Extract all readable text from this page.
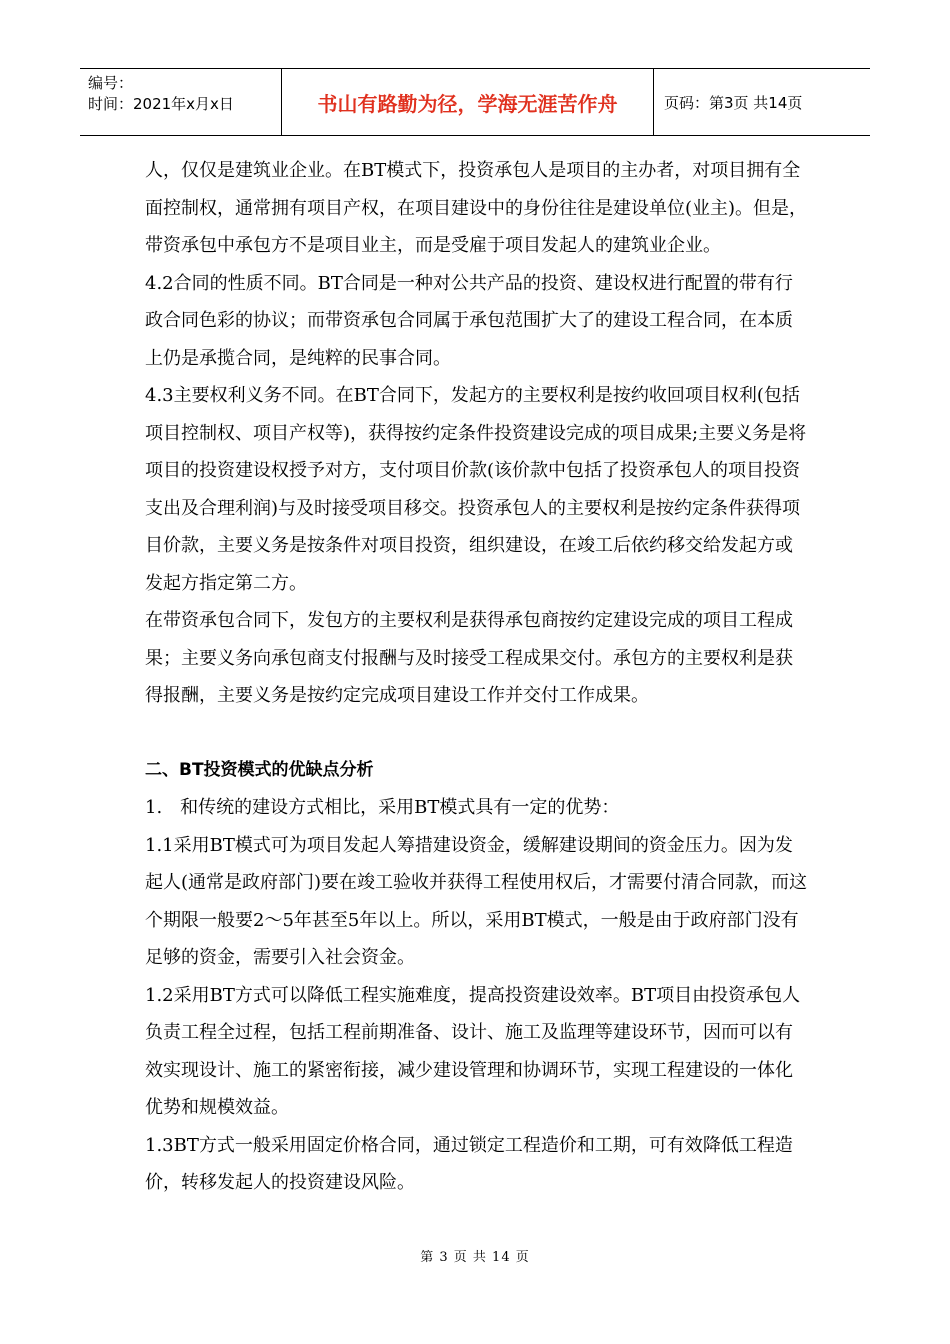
编号：
时间：2021年x月x日	书山有路勤为径，学海无涯苦作舟	页码：第3页 共14页

人，仅仅是建筑业企业。在BT模式下，投资承包人是项目的主办者，对项目拥有全面控制权，通常拥有项目产权，在项目建设中的身份往往是建设单位(业主)。但是，带资承包中承包方不是项目业主，而是受雇于项目发起人的建筑业企业。

4.2合同的性质不同。BT合同是一种对公共产品的投资、建设权进行配置的带有行政合同色彩的协议；而带资承包合同属于承包范围扩大了的建设工程合同，在本质上仍是承揽合同，是纯粹的民事合同。

4.3主要权利义务不同。在BT合同下，发起方的主要权利是按约收回项目权利(包括项目控制权、项目产权等)，获得按约定条件投资建设完成的项目成果;主要义务是将项目的投资建设权授予对方，支付项目价款(该价款中包括了投资承包人的项目投资支出及合理利润)与及时接受项目移交。投资承包人的主要权利是按约定条件获得项目价款，主要义务是按条件对项目投资，组织建设，在竣工后依约移交给发起方或发起方指定第二方。

在带资承包合同下，发包方的主要权利是获得承包商按约定建设完成的项目工程成果；主要义务向承包商支付报酬与及时接受工程成果交付。承包方的主要权利是获得报酬，主要义务是按约定完成项目建设工作并交付工作成果。

二、BT投资模式的优缺点分析

1.　和传统的建设方式相比，采用BT模式具有一定的优势：

1.1采用BT模式可为项目发起人筹措建设资金，缓解建设期间的资金压力。因为发起人(通常是政府部门)要在竣工验收并获得工程使用权后，才需要付清合同款，而这个期限一般要2～5年甚至5年以上。所以，采用BT模式，一般是由于政府部门没有足够的资金，需要引入社会资金。

1.2采用BT方式可以降低工程实施难度，提高投资建设效率。BT项目由投资承包人负责工程全过程，包括工程前期准备、设计、施工及监理等建设环节，因而可以有效实现设计、施工的紧密衔接，减少建设管理和协调环节，实现工程建设的一体化优势和规模效益。

1.3BT方式一般采用固定价格合同，通过锁定工程造价和工期，可有效降低工程造价，转移发起人的投资建设风险。

第 3 页 共 14 页
